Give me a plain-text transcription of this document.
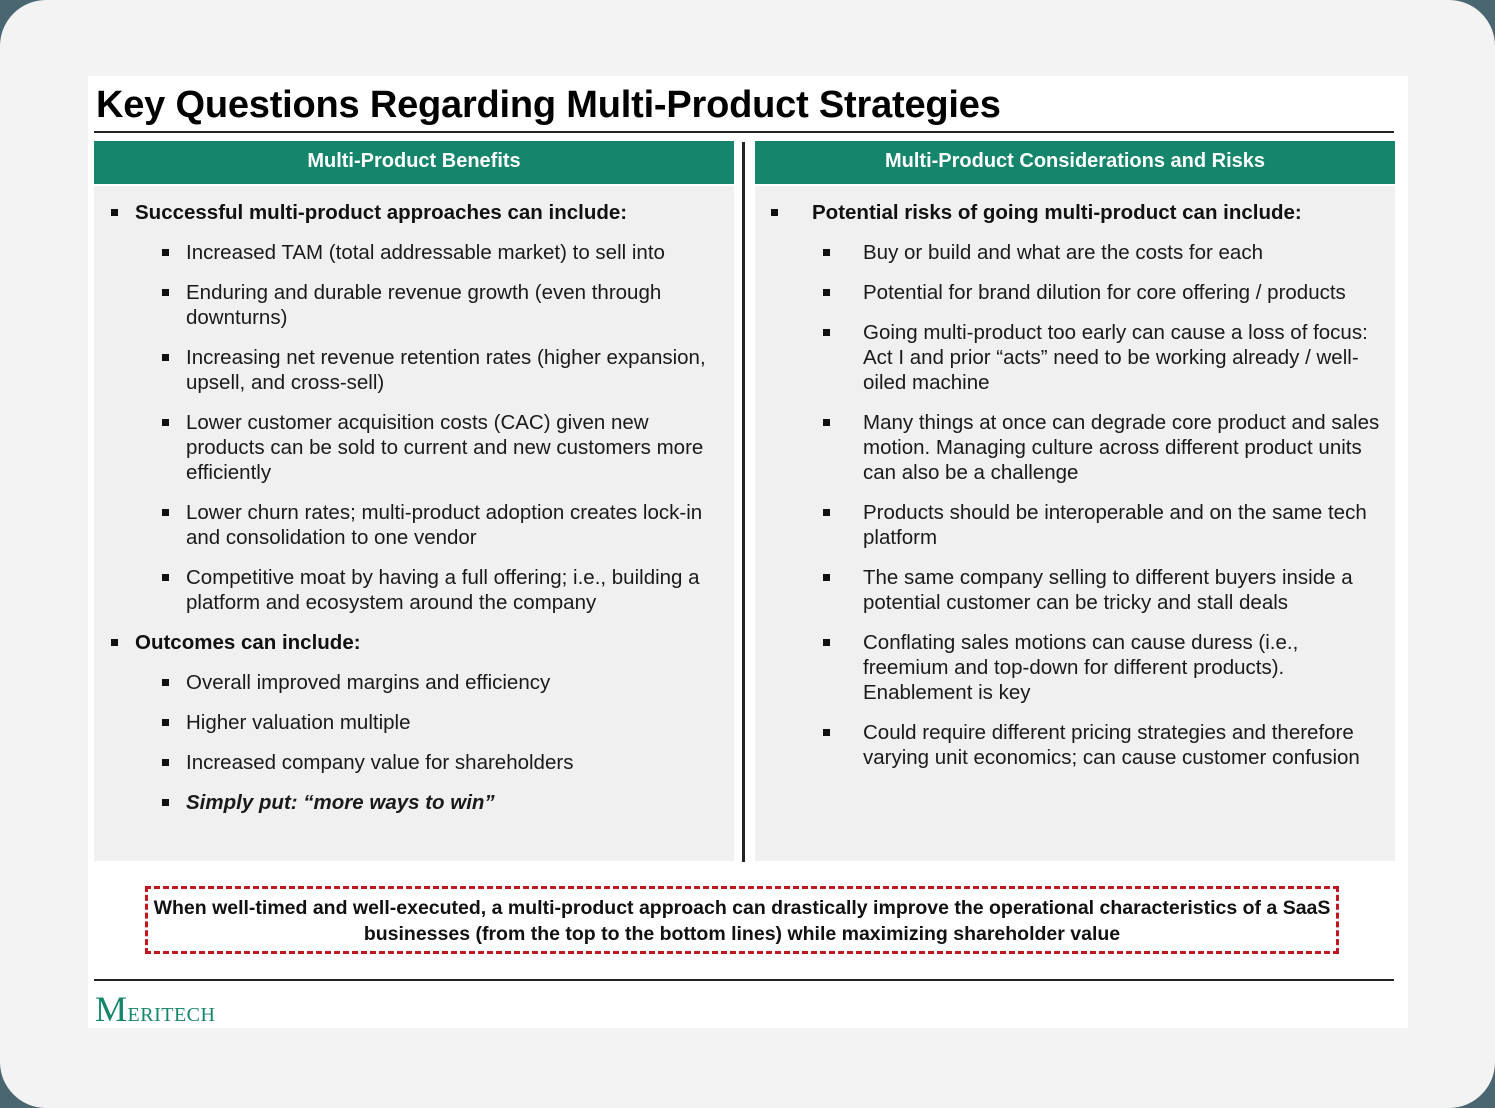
Key Questions Regarding Multi-Product Strategies
Multi-Product Benefits
Successful multi-product approaches can include:
Increased TAM (total addressable market) to sell into
Enduring and durable revenue growth (even through downturns)
Increasing net revenue retention rates (higher expansion, upsell, and cross-sell)
Lower customer acquisition costs (CAC) given new products can be sold to current and new customers more efficiently
Lower churn rates; multi-product adoption creates lock-in and consolidation to one vendor
Competitive moat by having a full offering; i.e., building a platform and ecosystem around the company
Outcomes can include:
Overall improved margins and efficiency
Higher valuation multiple
Increased company value for shareholders
Simply put: “more ways to win”
Multi-Product Considerations and Risks
Potential risks of going multi-product can include:
Buy or build and what are the costs for each
Potential for brand dilution for core offering / products
Going multi-product too early can cause a loss of focus: Act I and prior “acts” need to be working already / well-oiled machine
Many things at once can degrade core product and sales motion. Managing culture across different product units can also be a challenge
Products should be interoperable and on the same tech platform
The same company selling to different buyers inside a potential customer can be tricky and stall deals
Conflating sales motions can cause duress (i.e., freemium and top-down for different products). Enablement is key
Could require different pricing strategies and therefore varying unit economics; can cause customer confusion
When well-timed and well-executed, a multi-product approach can drastically improve the operational characteristics of a SaaS businesses (from the top to the bottom lines) while maximizing shareholder value
Meritech
